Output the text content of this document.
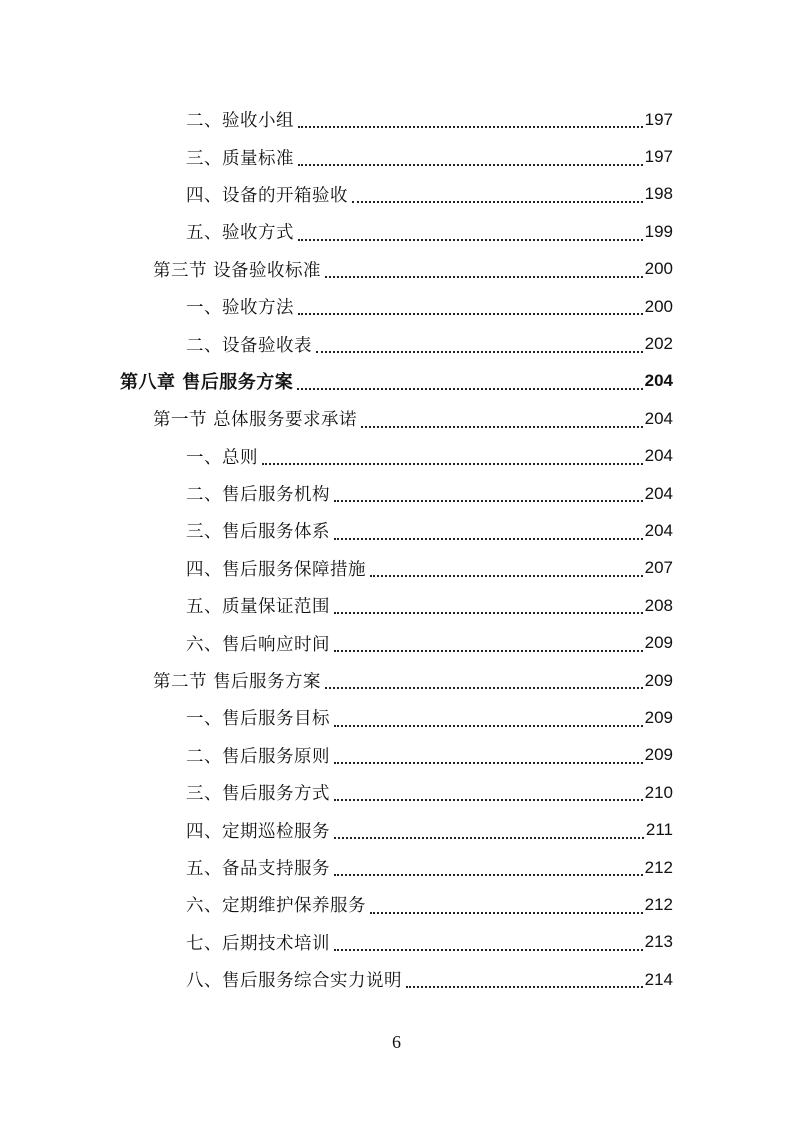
二、验收小组	197
三、质量标准	197
四、设备的开箱验收	198
五、验收方式	199
第三节 设备验收标准	200
一、验收方法	200
二、设备验收表	202
第八章 售后服务方案	204
第一节 总体服务要求承诺	204
一、总则	204
二、售后服务机构	204
三、售后服务体系	204
四、售后服务保障措施	207
五、质量保证范围	208
六、售后响应时间	209
第二节 售后服务方案	209
一、售后服务目标	209
二、售后服务原则	209
三、售后服务方式	210
四、定期巡检服务	211
五、备品支持服务	212
六、定期维护保养服务	212
七、后期技术培训	213
八、售后服务综合实力说明	214
6
